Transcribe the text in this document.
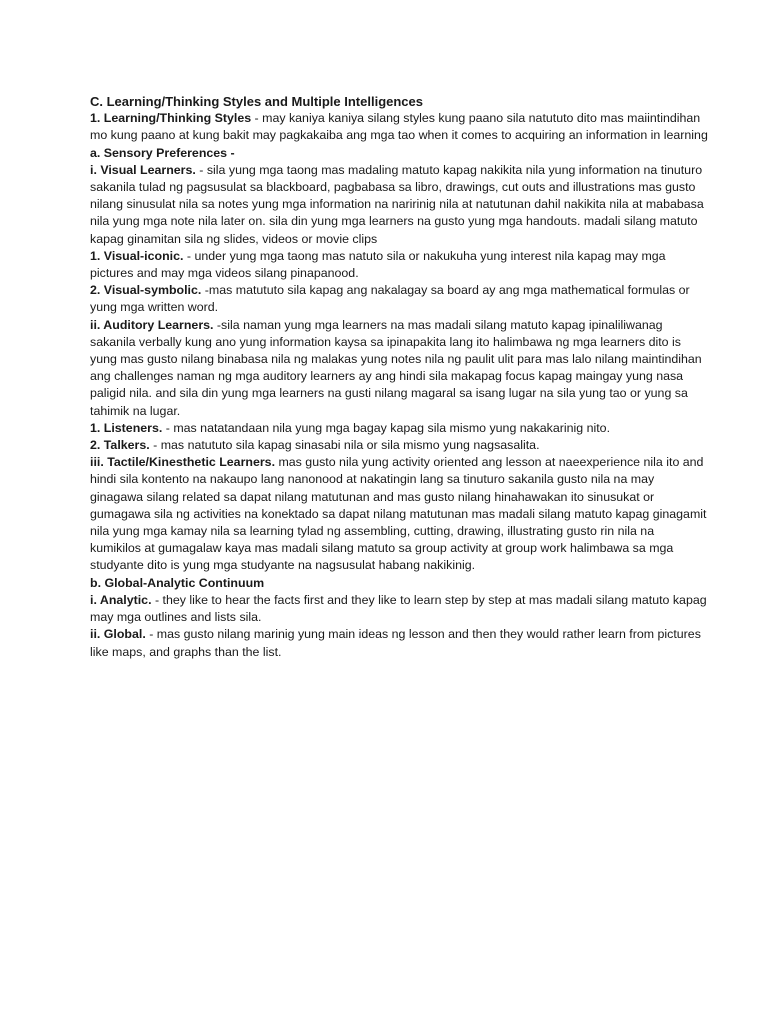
C. Learning/Thinking Styles and Multiple Intelligences

1. Learning/Thinking Styles - may kaniya kaniya silang styles kung paano sila natututo dito mas maiintindihan mo kung paano at kung bakit may pagkakaiba ang mga tao when it comes to acquiring an information in learning

a. Sensory Preferences -

i. Visual Learners. - sila yung mga taong mas madaling matuto kapag nakikita nila yung information na tinuturo sakanila tulad ng pagsusulat sa blackboard, pagbabasa sa libro, drawings, cut outs and illustrations mas gusto nilang sinusulat nila sa notes yung mga information na naririnig nila at natutunan dahil nakikita nila at mababasa nila yung mga note nila later on. sila din yung mga learners na gusto yung mga handouts. madali silang matuto kapag ginamitan sila ng slides, videos or movie clips

1. Visual-iconic. - under yung mga taong mas natuto sila or nakukuha yung interest nila kapag may mga pictures and may mga videos silang pinapanood.

2. Visual-symbolic. -mas matututo sila kapag ang nakalagay sa board ay ang mga mathematical formulas or yung mga written word.

ii. Auditory Learners. -sila naman yung mga learners na mas madali silang matuto kapag ipinaliliwanag sakanila verbally kung ano yung information kaysa sa ipinapakita lang ito halimbawa ng mga learners dito is yung mas gusto nilang binabasa nila ng malakas yung notes nila ng paulit ulit para mas lalo nilang maintindihan ang challenges naman ng mga auditory learners ay ang hindi sila makapag focus kapag maingay yung nasa paligid nila. and sila din yung mga learners na gusti nilang magaral sa isang lugar na sila yung tao or yung sa tahimik na lugar.

1. Listeners. - mas natatandaan nila yung mga bagay kapag sila mismo yung nakakarinig nito.

2. Talkers. - mas natututo sila kapag sinasabi nila or sila mismo yung nagsasalita.

iii. Tactile/Kinesthetic Learners. mas gusto nila yung activity oriented ang lesson at naeexperience nila ito and hindi sila kontento na nakaupo lang nanonood at nakatingin lang sa tinuturo sakanila gusto nila na may ginagawa silang related sa dapat nilang matutunan and mas gusto nilang hinahawakan ito sinusukat or gumagawa sila ng activities na konektado sa dapat nilang matutunan mas madali silang matuto kapag ginagamit nila yung mga kamay nila sa learning tylad ng assembling, cutting, drawing, illustrating gusto rin nila na kumikilos at gumagalaw kaya mas madali silang matuto sa group activity at group work halimbawa sa mga studyante dito is yung mga studyante na nagsusulat habang nakikinig.

b. Global-Analytic Continuum

i. Analytic. - they like to hear the facts first and they like to learn step by step at mas madali silang matuto kapag may mga outlines and lists sila.

ii. Global. - mas gusto nilang marinig yung main ideas ng lesson and then they would rather learn from pictures like maps, and graphs than the list.
